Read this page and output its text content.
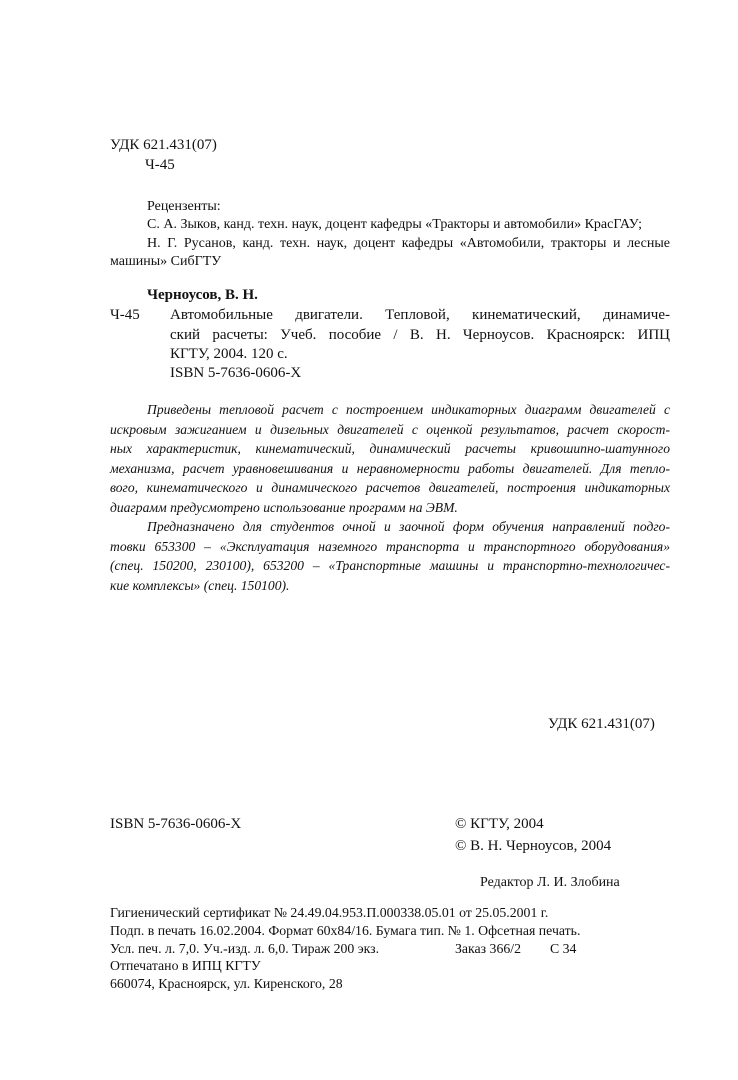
УДК 621.431(07)
Ч-45
Рецензенты:
С. А. Зыков, канд. техн. наук, доцент кафедры «Тракторы и автомобили» КрасГАУ;
Н. Г. Русанов, канд. техн. наук, доцент кафедры «Автомобили, тракторы и лесные
машины» СибГТУ
Черноусов, В. Н.
Ч-45 Автомобильные двигатели. Тепловой, кинематический, динамиче-
ский расчеты: Учеб. пособие / В. Н. Черноусов. Красноярск: ИПЦ
КГТУ, 2004. 120 с.
ISBN 5-7636-0606-X
Приведены тепловой расчет с построением индикаторных диаграмм двигателей с
искровым зажиганием и дизельных двигателей с оценкой результатов, расчет скорост-
ных характеристик, кинематический, динамический расчеты кривошипно-шатунного
механизма, расчет уравновешивания и неравномерности работы двигателей. Для тепло-
вого, кинематического и динамического расчетов двигателей, построения индикаторных
диаграмм предусмотрено использование программ на ЭВМ.
Предназначено для студентов очной и заочной форм обучения направлений подго-
товки 653300 – «Эксплуатация наземного транспорта и транспортного оборудования»
(спец. 150200, 230100), 653200 – «Транспортные машины и транспортно-технологичес-
кие комплексы» (спец. 150100).
УДК 621.431(07)
ISBN 5-7636-0606-X	© КГТУ, 2004
© В. Н. Черноусов, 2004
Редактор Л. И. Злобина
Гигиенический сертификат № 24.49.04.953.П.000338.05.01 от 25.05.2001 г.
Подп. в печать 16.02.2004. Формат 60x84/16. Бумага тип. № 1. Офсетная печать.
Усл. печ. л. 7,0. Уч.-изд. л. 6,0. Тираж 200 экз.	Заказ 366/2 С 34
Отпечатано в ИПЦ КГТУ
660074, Красноярск, ул. Киренского, 28
